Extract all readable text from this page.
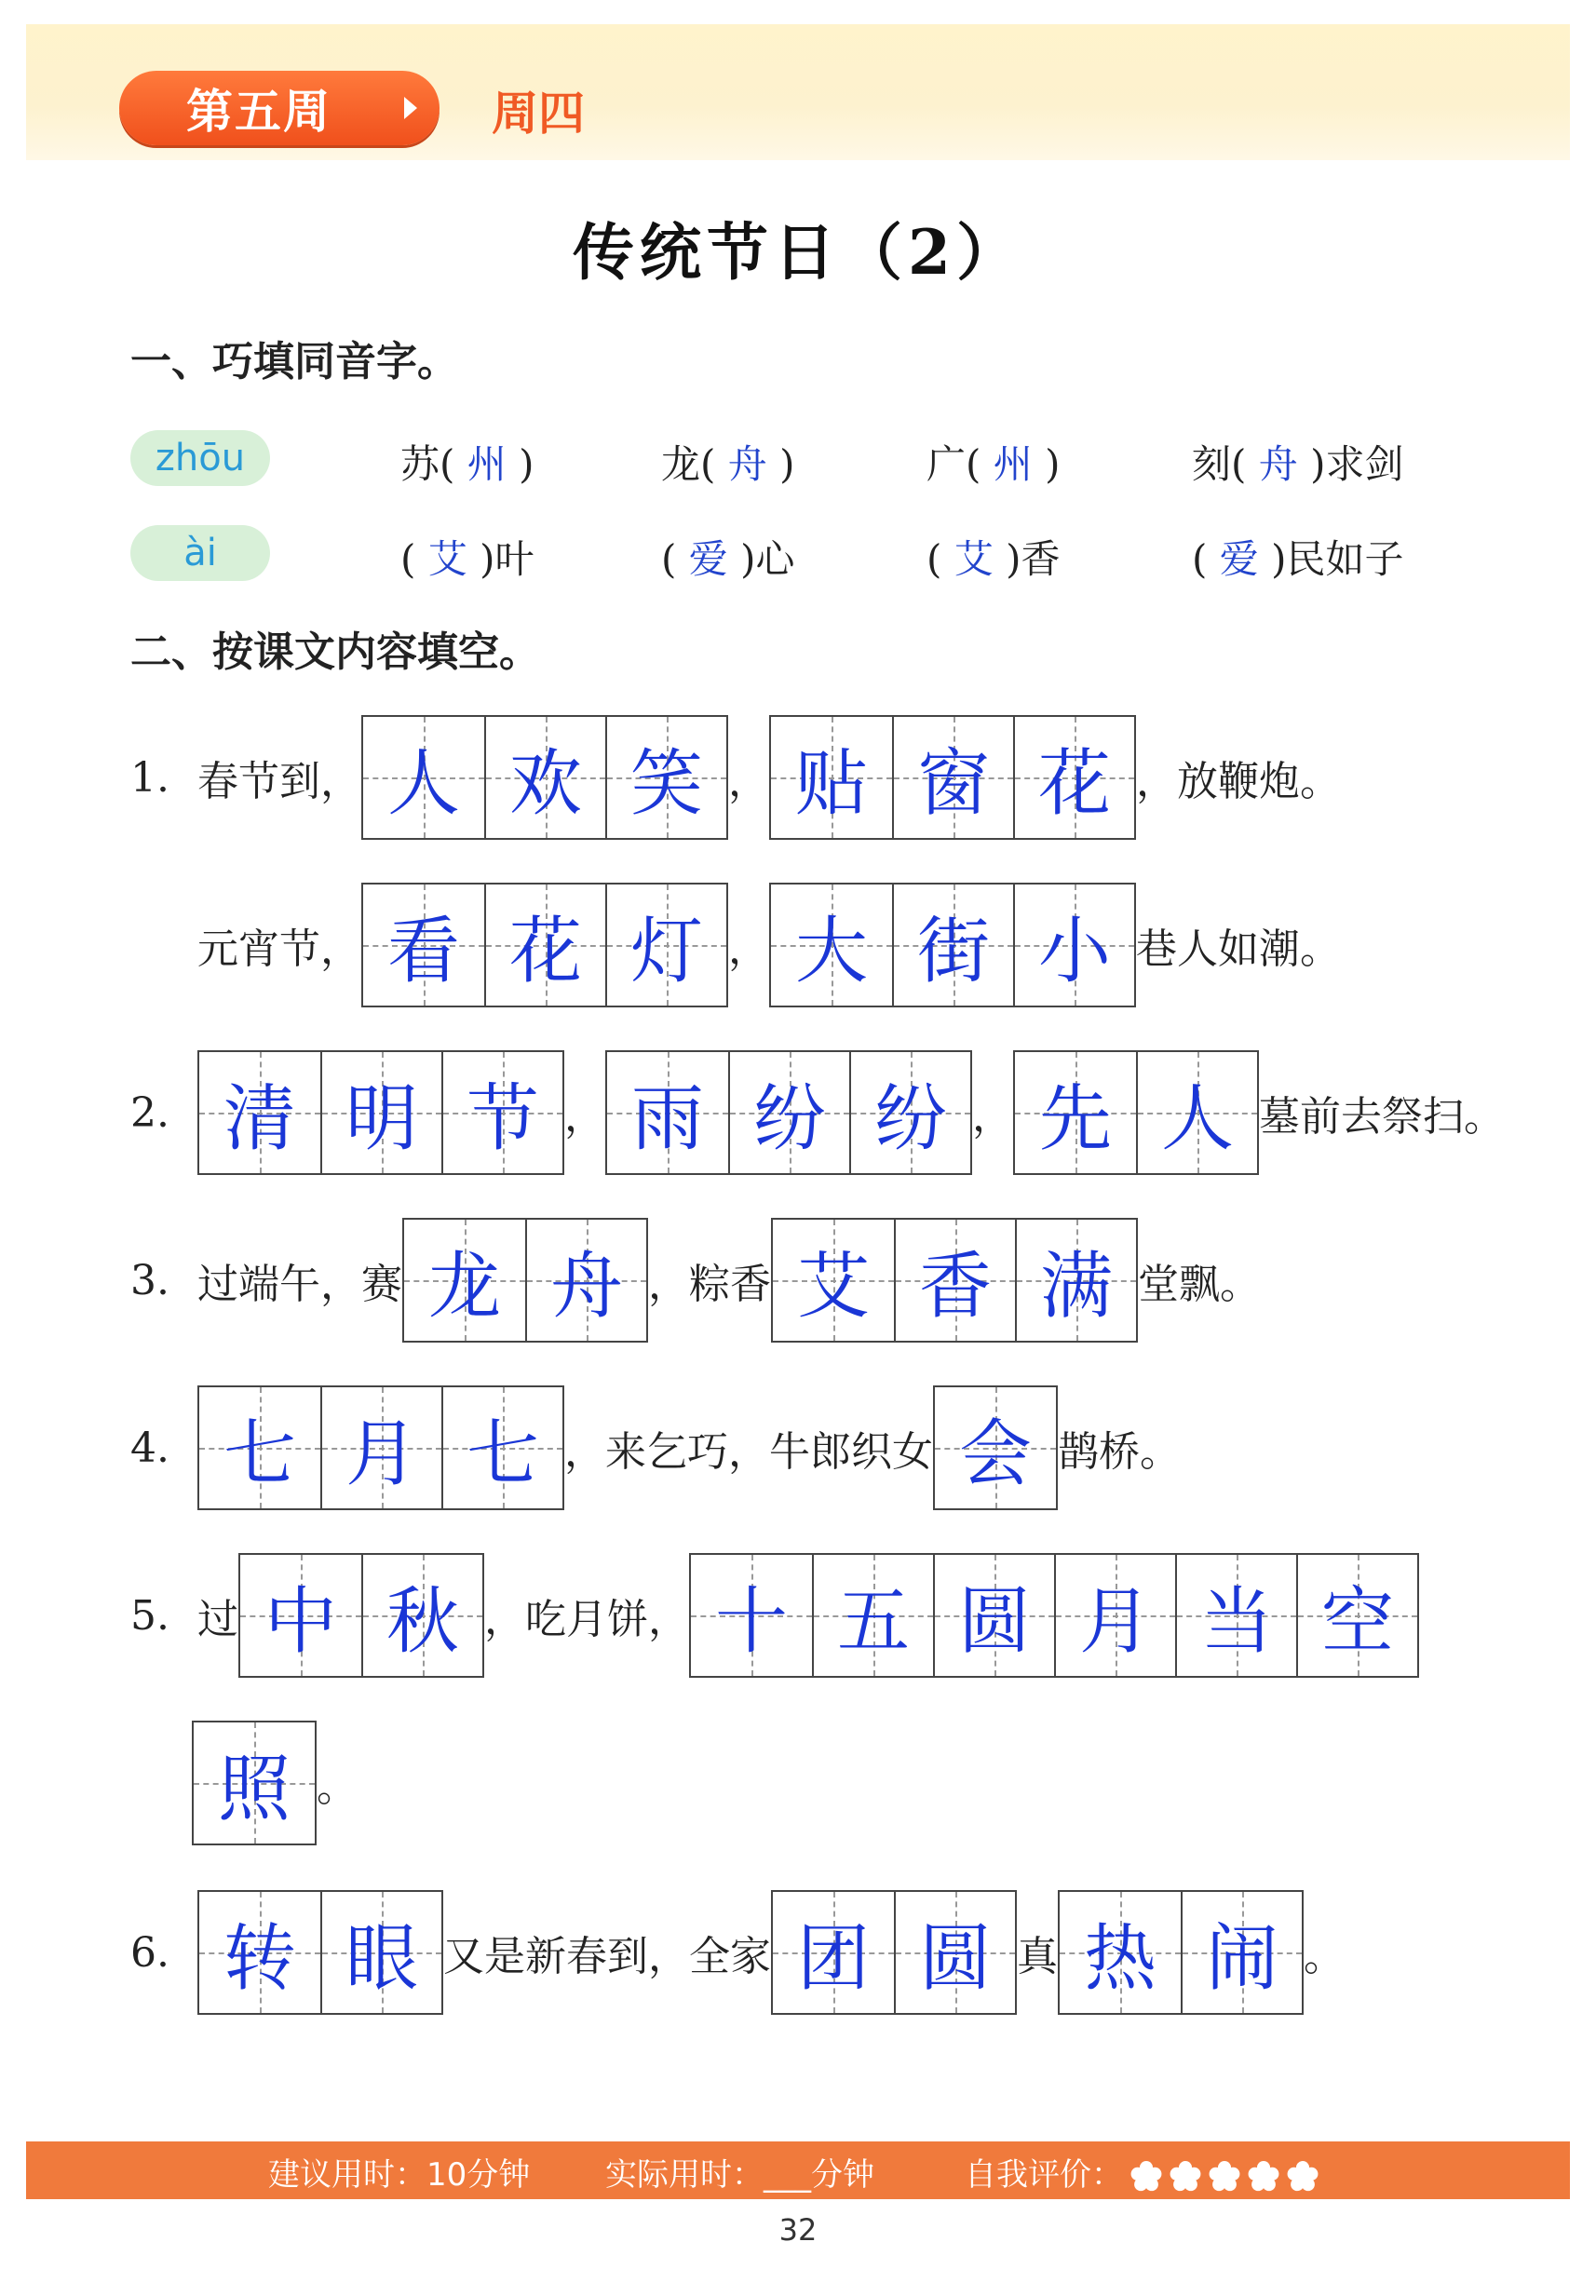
第五周	周四
传统节日（2）
一、巧填同音字。
zhōu	苏( 州 )	龙( 舟 )	广( 州 )	刻( 舟 )求剑
ài	( 艾 )叶	( 爱 )心	( 艾 )香	( 爱 )民如子
二、按课文内容填空。
1. 春节到， 人 欢 笑 ， 贴 窗 花 ，放鞭炮。
元宵节， 看 花 灯 ， 大 街 小 巷人如潮。
2. 清 明 节 ， 雨 纷 纷 ， 先 人 墓前去祭扫。
3. 过端午，赛 龙 舟 ，粽香 艾 香 满 堂飘。
4. 七 月 七 ，来乞巧，牛郎织女 会 鹊桥。
5. 过 中 秋 ，吃月饼， 十 五 圆 月 当 空
照 。
6. 转 眼 又是新春到，全家 团 圆 真 热 闹 。
建议用时：10分钟 实际用时：___分钟	自我评价：
32
